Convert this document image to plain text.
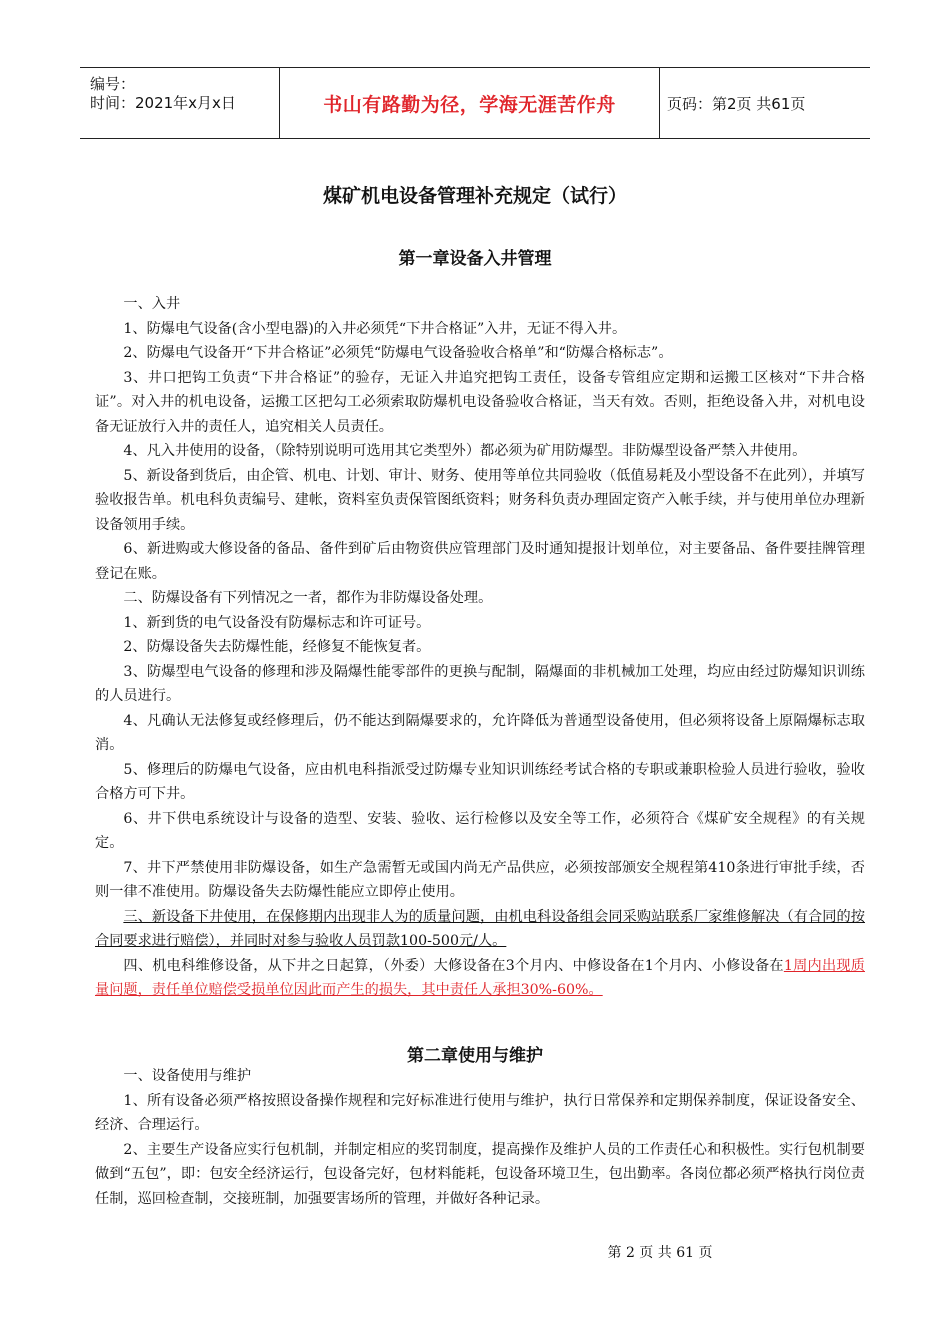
编号：
时间：2021年x月x日	书山有路勤为径，学海无涯苦作舟	页码：第2页 共61页
煤矿机电设备管理补充规定（试行）
第一章设备入井管理

一、入井

1、防爆电气设备(含小型电器)的入井必须凭“下井合格证”入井，无证不得入井。

2、防爆电气设备开“下井合格证”必须凭“防爆电气设备验收合格单”和“防爆合格标志”。

3、井口把钩工负责“下井合格证”的验存，无证入井追究把钩工责任，设备专管组应定期和运搬工区核对“下井合格证”。对入井的机电设备，运搬工区把勾工必须索取防爆机电设备验收合格证，当天有效。否则，拒绝设备入井，对机电设备无证放行入井的责任人，追究相关人员责任。

4、凡入井使用的设备，（除特别说明可选用其它类型外）都必须为矿用防爆型。非防爆型设备严禁入井使用。

5、新设备到货后，由企管、机电、计划、审计、财务、使用等单位共同验收（低值易耗及小型设备不在此列），并填写验收报告单。机电科负责编号、建帐，资料室负责保管图纸资料；财务科负责办理固定资产入帐手续，并与使用单位办理新设备领用手续。

6、新进购或大修设备的备品、备件到矿后由物资供应管理部门及时通知提报计划单位，对主要备品、备件要挂牌管理登记在账。

二、防爆设备有下列情况之一者，都作为非防爆设备处理。

1、新到货的电气设备没有防爆标志和许可证号。

2、防爆设备失去防爆性能，经修复不能恢复者。

3、防爆型电气设备的修理和涉及隔爆性能零部件的更换与配制，隔爆面的非机械加工处理，均应由经过防爆知识训练的人员进行。

4、凡确认无法修复或经修理后，仍不能达到隔爆要求的，允许降低为普通型设备使用，但必须将设备上原隔爆标志取消。

5、修理后的防爆电气设备，应由机电科指派受过防爆专业知识训练经考试合格的专职或兼职检验人员进行验收，验收合格方可下井。

6、井下供电系统设计与设备的造型、安装、验收、运行检修以及安全等工作，必须符合《煤矿安全规程》的有关规定。

7、井下严禁使用非防爆设备，如生产急需暂无或国内尚无产品供应，必须按部颁安全规程第410条进行审批手续，否则一律不准使用。防爆设备失去防爆性能应立即停止使用。

三、新设备下井使用，在保修期内出现非人为的质量问题，由机电科设备组会同采购站联系厂家维修解决（有合同的按合同要求进行赔偿），并同时对参与验收人员罚款100-500元/人。

四、机电科维修设备，从下井之日起算，（外委）大修设备在3个月内、中修设备在1个月内、小修设备在1周内出现质量问题，责任单位赔偿受损单位因此而产生的损失，其中责任人承担30%-60%。

第二章使用与维护

一、设备使用与维护

1、所有设备必须严格按照设备操作规程和完好标准进行使用与维护，执行日常保养和定期保养制度，保证设备安全、经济、合理运行。

2、主要生产设备应实行包机制，并制定相应的奖罚制度，提高操作及维护人员的工作责任心和积极性。实行包机制要做到“五包”，即：包安全经济运行，包设备完好，包材料能耗，包设备环境卫生，包出勤率。各岗位都必须严格执行岗位责任制，巡回检查制，交接班制，加强要害场所的管理，并做好各种记录。

第 2 页 共 61 页
